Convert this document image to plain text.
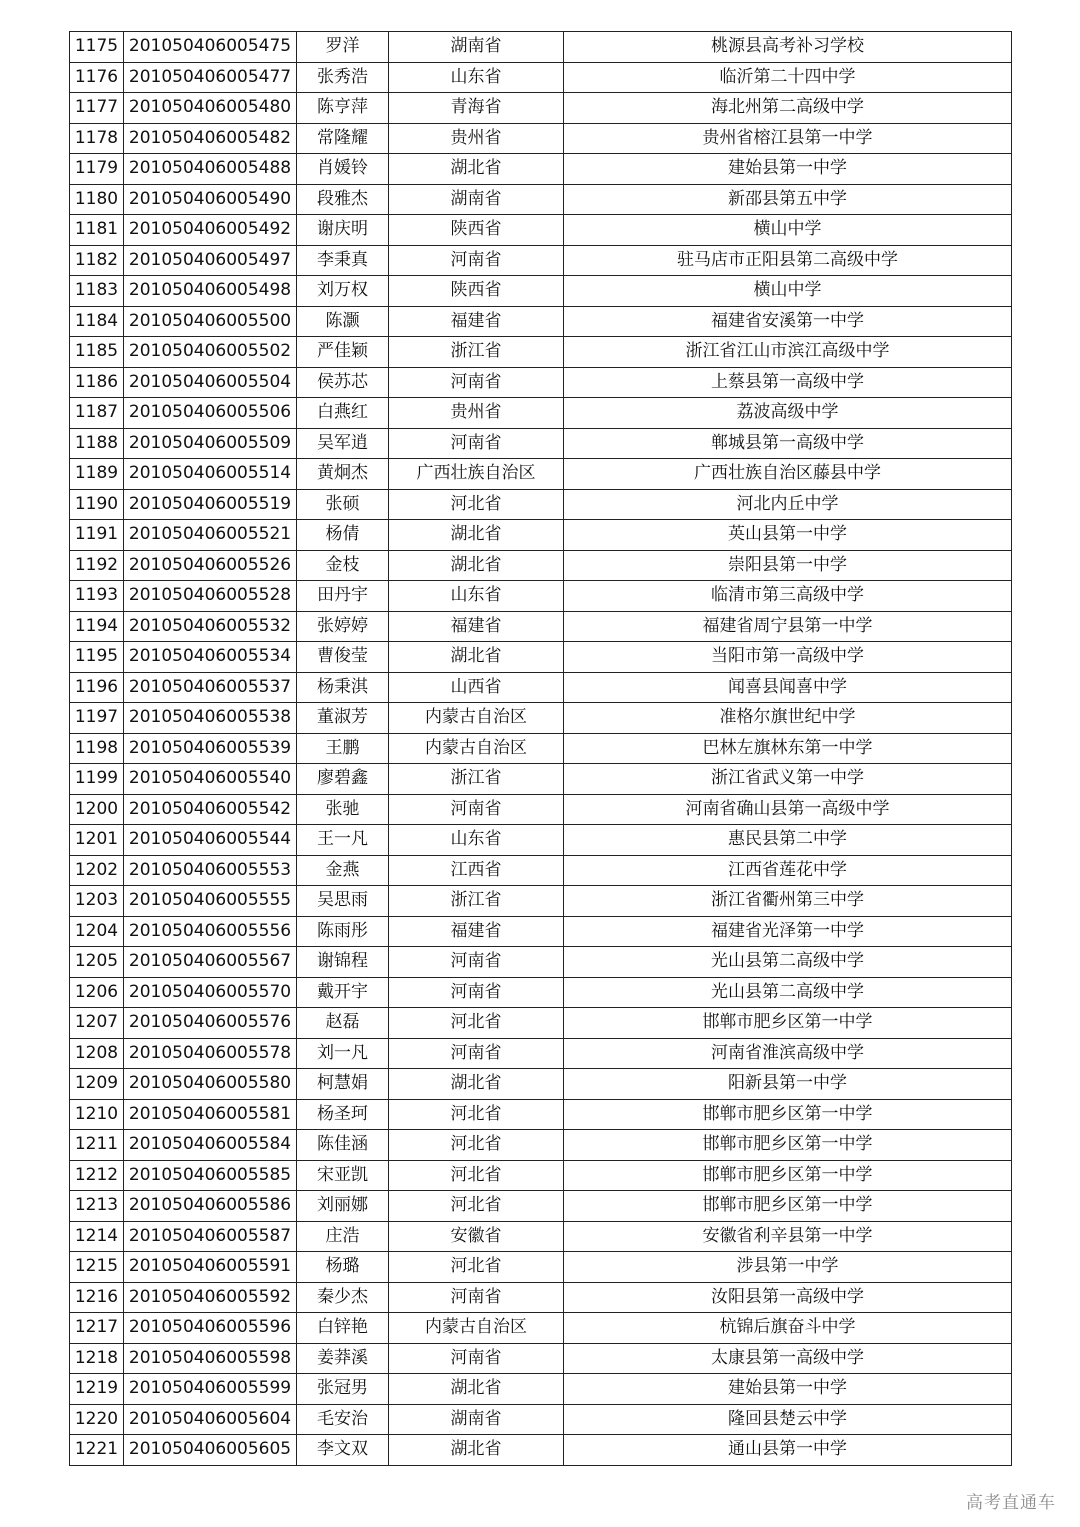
1175	201050406005475	罗洋	湖南省	桃源县高考补习学校
1176	201050406005477	张秀浩	山东省	临沂第二十四中学
1177	201050406005480	陈亨萍	青海省	海北州第二高级中学
1178	201050406005482	常隆耀	贵州省	贵州省榕江县第一中学
1179	201050406005488	肖媛铃	湖北省	建始县第一中学
1180	201050406005490	段雅杰	湖南省	新邵县第五中学
1181	201050406005492	谢庆明	陕西省	横山中学
1182	201050406005497	李秉真	河南省	驻马店市正阳县第二高级中学
1183	201050406005498	刘万权	陕西省	横山中学
1184	201050406005500	陈灏	福建省	福建省安溪第一中学
1185	201050406005502	严佳颖	浙江省	浙江省江山市滨江高级中学
1186	201050406005504	侯苏芯	河南省	上蔡县第一高级中学
1187	201050406005506	白燕红	贵州省	荔波高级中学
1188	201050406005509	吴军逍	河南省	郸城县第一高级中学
1189	201050406005514	黄炯杰	广西壮族自治区	广西壮族自治区藤县中学
1190	201050406005519	张硕	河北省	河北内丘中学
1191	201050406005521	杨倩	湖北省	英山县第一中学
1192	201050406005526	金枝	湖北省	崇阳县第一中学
1193	201050406005528	田丹宇	山东省	临清市第三高级中学
1194	201050406005532	张婷婷	福建省	福建省周宁县第一中学
1195	201050406005534	曹俊莹	湖北省	当阳市第一高级中学
1196	201050406005537	杨秉淇	山西省	闻喜县闻喜中学
1197	201050406005538	董淑芳	内蒙古自治区	准格尔旗世纪中学
1198	201050406005539	王鹏	内蒙古自治区	巴林左旗林东第一中学
1199	201050406005540	廖碧鑫	浙江省	浙江省武义第一中学
1200	201050406005542	张驰	河南省	河南省确山县第一高级中学
1201	201050406005544	王一凡	山东省	惠民县第二中学
1202	201050406005553	金燕	江西省	江西省莲花中学
1203	201050406005555	吴思雨	浙江省	浙江省衢州第三中学
1204	201050406005556	陈雨彤	福建省	福建省光泽第一中学
1205	201050406005567	谢锦程	河南省	光山县第二高级中学
1206	201050406005570	戴开宇	河南省	光山县第二高级中学
1207	201050406005576	赵磊	河北省	邯郸市肥乡区第一中学
1208	201050406005578	刘一凡	河南省	河南省淮滨高级中学
1209	201050406005580	柯慧娟	湖北省	阳新县第一中学
1210	201050406005581	杨圣珂	河北省	邯郸市肥乡区第一中学
1211	201050406005584	陈佳涵	河北省	邯郸市肥乡区第一中学
1212	201050406005585	宋亚凯	河北省	邯郸市肥乡区第一中学
1213	201050406005586	刘丽娜	河北省	邯郸市肥乡区第一中学
1214	201050406005587	庄浩	安徽省	安徽省利辛县第一中学
1215	201050406005591	杨璐	河北省	涉县第一中学
1216	201050406005592	秦少杰	河南省	汝阳县第一高级中学
1217	201050406005596	白锌艳	内蒙古自治区	杭锦后旗奋斗中学
1218	201050406005598	姜莽溪	河南省	太康县第一高级中学
1219	201050406005599	张冠男	湖北省	建始县第一中学
1220	201050406005604	毛安治	湖南省	隆回县楚云中学
1221	201050406005605	李文双	湖北省	通山县第一中学
高考直通车
